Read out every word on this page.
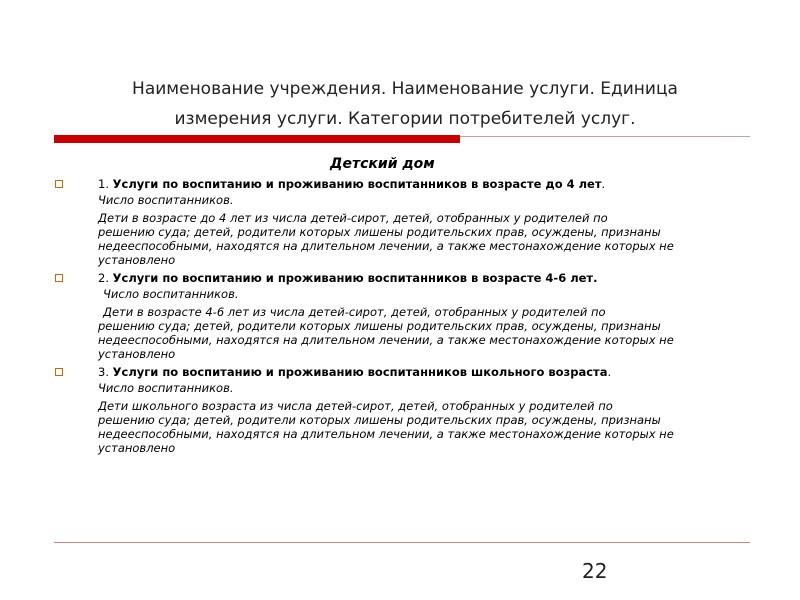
Наименование учреждения. Наименование услуги. Единица
измерения услуги. Категории потребителей услуг.
Детский дом

1. Услуги по воспитанию и проживанию воспитанников в возрасте до 4 лет.

Число воспитанников.

Дети в возрасте до 4 лет из числа детей-сирот, детей, отобранных у родителей по
решению суда; детей, родители которых лишены родительских прав, осуждены, признаны недееспособными, находятся на длительном лечении, а также местонахождение которых не установлено

2. Услуги по воспитанию и проживанию воспитанников в возрасте 4-6 лет.

Число воспитанников.

Дети в возрасте 4-6 лет из числа детей-сирот, детей, отобранных у родителей по
решению суда; детей, родители которых лишены родительских прав, осуждены, признаны недееспособными, находятся на длительном лечении, а также местонахождение которых не установлено

3. Услуги по воспитанию и проживанию воспитанников школьного возраста.

Число воспитанников.

Дети школьного возраста из числа детей-сирот, детей, отобранных у родителей по
решению суда; детей, родители которых лишены родительских прав, осуждены, признаны недееспособными, находятся на длительном лечении, а также местонахождение которых не установлено

22
